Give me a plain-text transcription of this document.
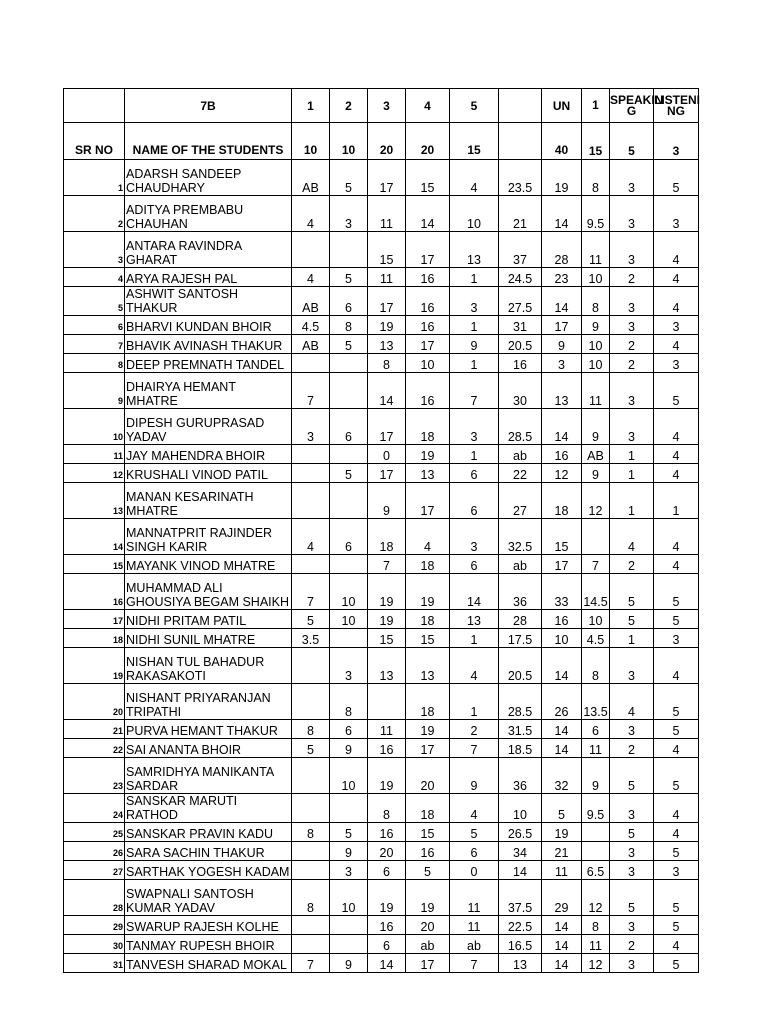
	7B	1	2	3	4	5		UN	1	SPEAKIN G	LISTENI NG
SR NO	NAME OF THE STUDENTS	10	10	20	20	15		40	15	5	3
1	ADARSH SANDEEP CHAUDHARY	AB	5	17	15	4	23.5	19	8	3	5
2	ADITYA PREMBABU CHAUHAN	4	3	11	14	10	21	14	9.5	3	3
3	ANTARA RAVINDRA GHARAT			15	17	13	37	28	11	3	4
4	ARYA RAJESH PAL	4	5	11	16	1	24.5	23	10	2	4
5	ASHWIT SANTOSH THAKUR	AB	6	17	16	3	27.5	14	8	3	4
6	BHARVI KUNDAN BHOIR	4.5	8	19	16	1	31	17	9	3	3
7	BHAVIK AVINASH THAKUR	AB	5	13	17	9	20.5	9	10	2	4
8	DEEP PREMNATH TANDEL			8	10	1	16	3	10	2	3
9	DHAIRYA HEMANT MHATRE	7		14	16	7	30	13	11	3	5
10	DIPESH GURUPRASAD YADAV	3	6	17	18	3	28.5	14	9	3	4
11	JAY MAHENDRA BHOIR			0	19	1	ab	16	AB	1	4
12	KRUSHALI VINOD PATIL		5	17	13	6	22	12	9	1	4
13	MANAN KESARINATH MHATRE			9	17	6	27	18	12	1	1
14	MANNATPRIT RAJINDER SINGH KARIR	4	6	18	4	3	32.5	15		4	4
15	MAYANK VINOD MHATRE			7	18	6	ab	17	7	2	4
16	MUHAMMAD ALI GHOUSIYA BEGAM SHAIKH	7	10	19	19	14	36	33	14.5	5	5
17	NIDHI PRITAM PATIL	5	10	19	18	13	28	16	10	5	5
18	NIDHI SUNIL MHATRE	3.5		15	15	1	17.5	10	4.5	1	3
19	NISHAN TUL BAHADUR RAKASAKOTI		3	13	13	4	20.5	14	8	3	4
20	NISHANT PRIYARANJAN TRIPATHI		8		18	1	28.5	26	13.5	4	5
21	PURVA HEMANT THAKUR	8	6	11	19	2	31.5	14	6	3	5
22	SAI ANANTA BHOIR	5	9	16	17	7	18.5	14	11	2	4
23	SAMRIDHYA MANIKANTA SARDAR		10	19	20	9	36	32	9	5	5
24	SANSKAR MARUTI RATHOD			8	18	4	10	5	9.5	3	4
25	SANSKAR PRAVIN KADU	8	5	16	15	5	26.5	19		5	4
26	SARA SACHIN THAKUR		9	20	16	6	34	21		3	5
27	SARTHAK YOGESH KADAM		3	6	5	0	14	11	6.5	3	3
28	SWAPNALI SANTOSH KUMAR YADAV	8	10	19	19	11	37.5	29	12	5	5
29	SWARUP RAJESH KOLHE			16	20	11	22.5	14	8	3	5
30	TANMAY RUPESH BHOIR			6	ab	ab	16.5	14	11	2	4
31	TANVESH SHARAD MOKAL	7	9	14	17	7	13	14	12	3	5
